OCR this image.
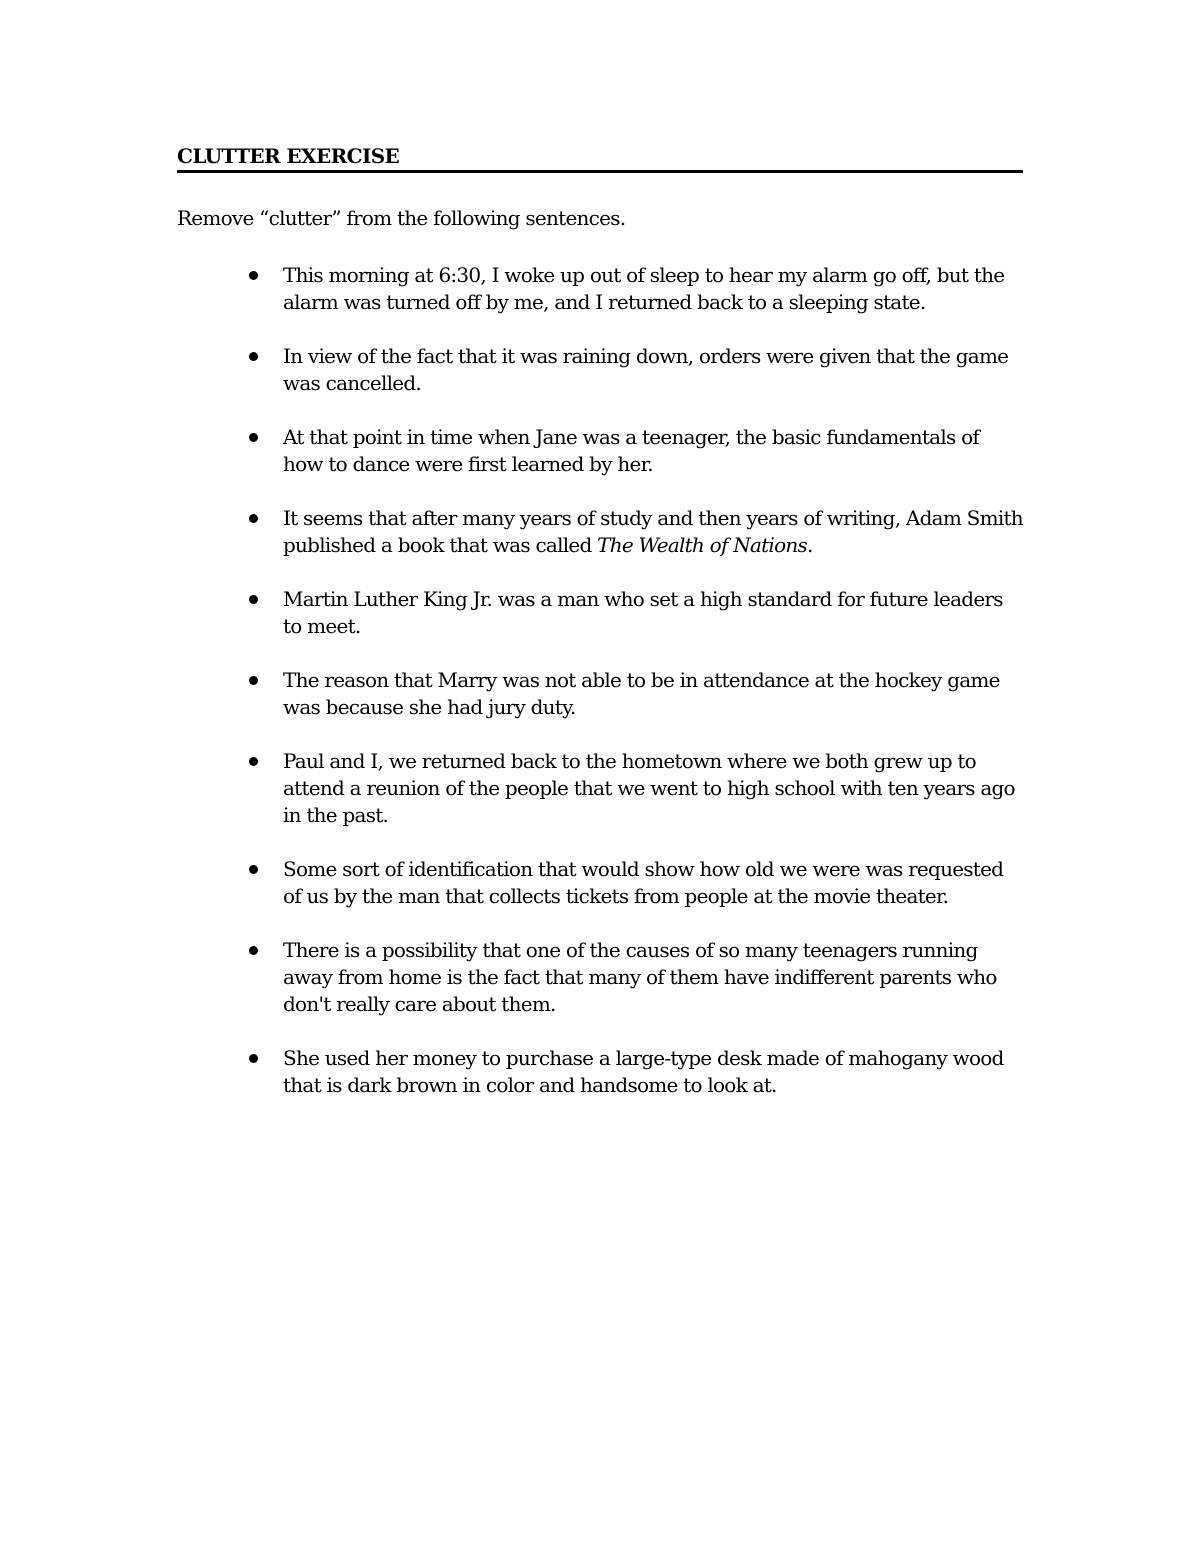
CLUTTER EXERCISE

Remove “clutter” from the following sentences.

This morning at 6:30, I woke up out of sleep to hear my alarm go off, but the alarm was turned off by me, and I returned back to a sleeping state.
In view of the fact that it was raining down, orders were given that the game was cancelled.
At that point in time when Jane was a teenager, the basic fundamentals of how to dance were first learned by her.
It seems that after many years of study and then years of writing, Adam Smith published a book that was called The Wealth of Nations.
Martin Luther King Jr. was a man who set a high standard for future leaders to meet.
The reason that Marry was not able to be in attendance at the hockey game was because she had jury duty.
Paul and I, we returned back to the hometown where we both grew up to attend a reunion of the people that we went to high school with ten years ago in the past.
Some sort of identification that would show how old we were was requested of us by the man that collects tickets from people at the movie theater.
There is a possibility that one of the causes of so many teenagers running away from home is the fact that many of them have indifferent parents who don't really care about them.
She used her money to purchase a large-type desk made of mahogany wood that is dark brown in color and handsome to look at.
